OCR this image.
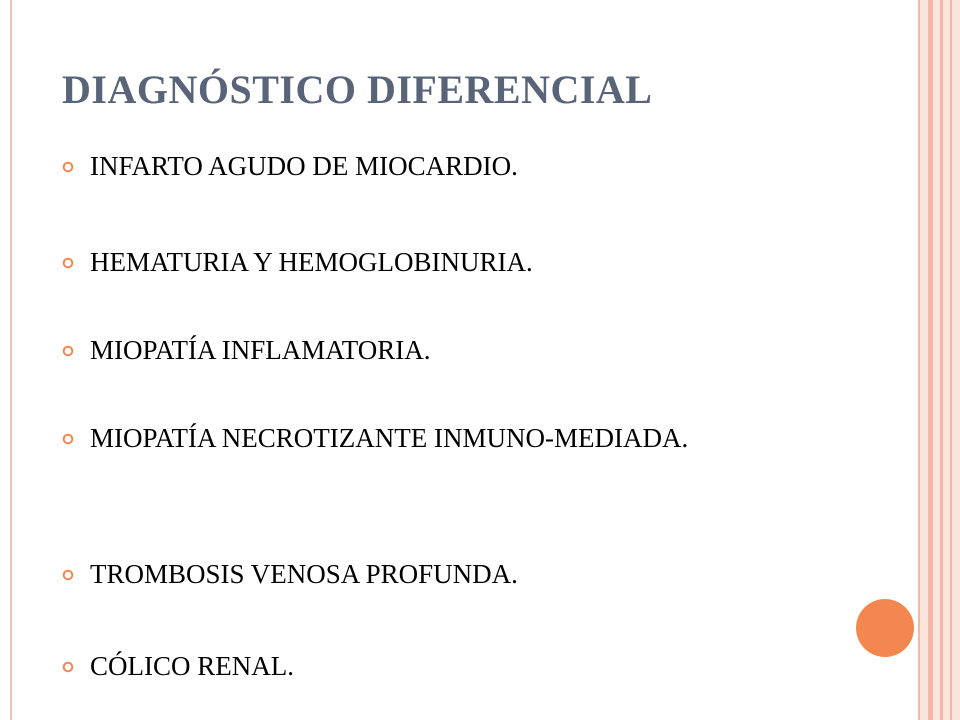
DIAGNÓSTICO DIFERENCIAL
INFARTO AGUDO DE MIOCARDIO.
HEMATURIA Y HEMOGLOBINURIA.
MIOPATÍA INFLAMATORIA.
MIOPATÍA NECROTIZANTE INMUNO-MEDIADA.
TROMBOSIS VENOSA PROFUNDA.
CÓLICO RENAL.
